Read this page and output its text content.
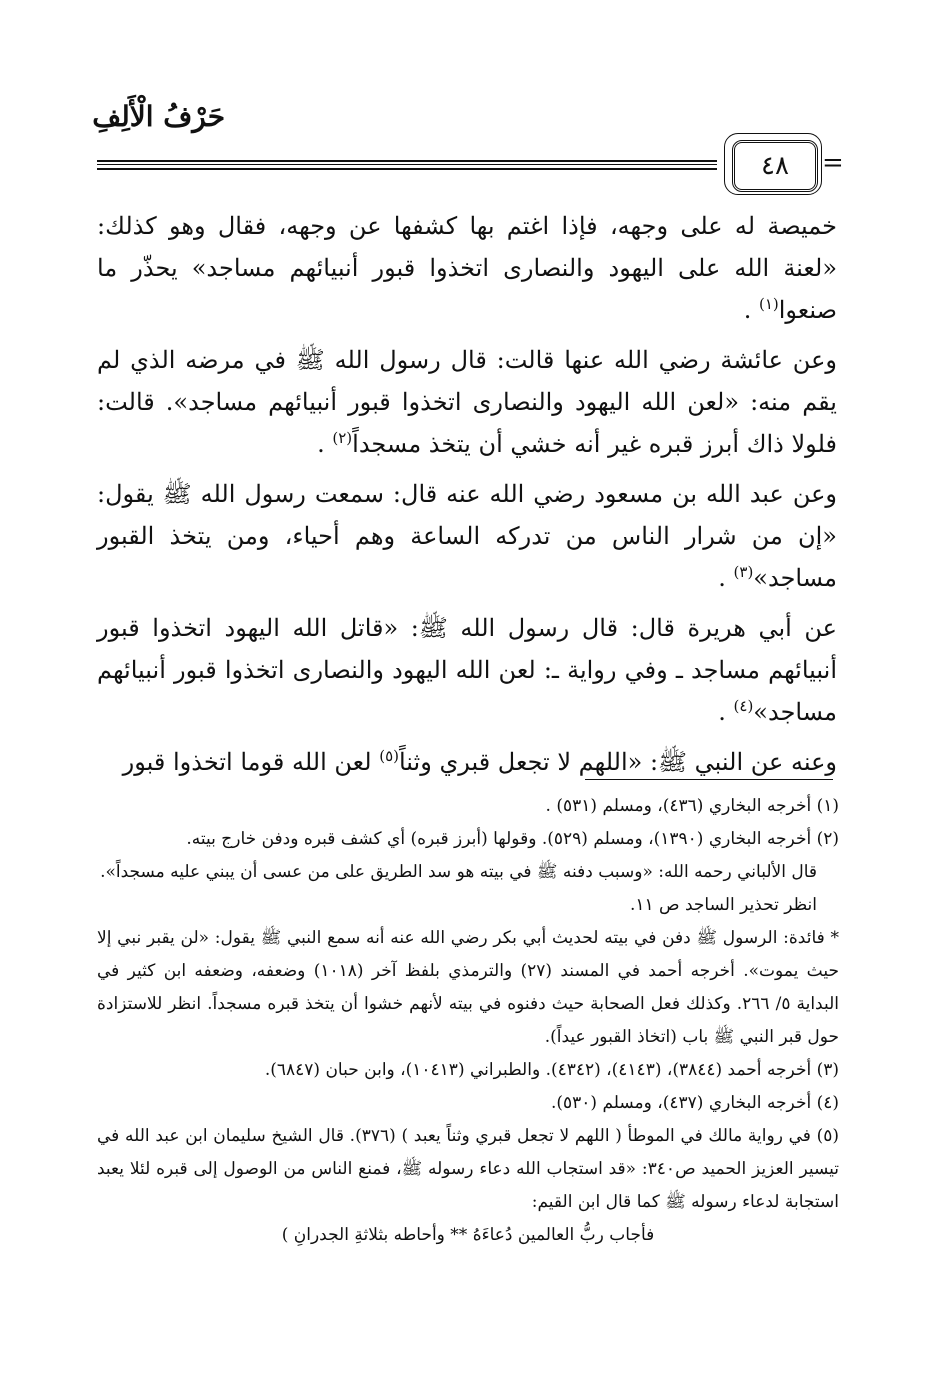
حَرْفُ الْأَلِفِ
٤٨	=

خميصة له على وجهه، فإذا اغتم بها كشفها عن وجهه، فقال وهو كذلك: «لعنة الله على اليهود والنصارى اتخذوا قبور أنبيائهم مساجد» يحذّر ما صنعوا$^{(١)}$ .

وعن عائشة رضي الله عنها قالت: قال رسول الله ﷺ في مرضه الذي لم يقم منه: «لعن الله اليهود والنصارى اتخذوا قبور أنبيائهم مساجد». قالت: فلولا ذاك أبرز قبره غير أنه خشي أن يتخذ مسجداً$^{(٢)}$ .

وعن عبد الله بن مسعود رضي الله عنه قال: سمعت رسول الله ﷺ يقول: «إن من شرار الناس من تدركه الساعة وهم أحياء، ومن يتخذ القبور مساجد»$^{(٣)}$ .

عن أبي هريرة قال: قال رسول الله ﷺ: «قاتل الله اليهود اتخذوا قبور أنبيائهم مساجد ـ وفي رواية ـ: لعن الله اليهود والنصارى اتخذوا قبور أنبيائهم مساجد»$^{(٤)}$ .

وعنه عن النبي ﷺ: «اللهم لا تجعل قبري وثناً$^{(٥)}$ لعن الله قوما اتخذوا قبور

(١) أخرجه البخاري (٤٣٦)، ومسلم (٥٣١) .

(٢) أخرجه البخاري (١٣٩٠)، ومسلم (٥٢٩). وقولها (أبرز قبره) أي كشف قبره ودفن خارج بيته.

قال الألباني رحمه الله: «وسبب دفنه ﷺ في بيته هو سد الطريق على من عسى أن يبني عليه مسجداً».

انظر تحذير الساجد ص ١١.

* فائدة: الرسول ﷺ دفن في بيته لحديث أبي بكر رضي الله عنه أنه سمع النبي ﷺ يقول: «لن يقبر نبي إلا حيث يموت». أخرجه أحمد في المسند (٢٧) والترمذي بلفظ آخر (١٠١٨) وضعفه، وضعفه ابن كثير في البداية ٥/ ٢٦٦. وكذلك فعل الصحابة حيث دفنوه في بيته لأنهم خشوا أن يتخذ قبره مسجداً. انظر للاستزادة حول قبر النبي ﷺ باب (اتخاذ القبور عيداً).

(٣) أخرجه أحمد (٣٨٤٤)، (٤١٤٣)، (٤٣٤٢). والطبراني (١٠٤١٣)، وابن حبان (٦٨٤٧).

(٤) أخرجه البخاري (٤٣٧)، ومسلم (٥٣٠).

(٥) في رواية مالك في الموطأ ( اللهم لا تجعل قبري وثناً يعبد ) (٣٧٦). قال الشيخ سليمان ابن عبد الله في تيسير العزيز الحميد ص٣٤٠: «قد استجاب الله دعاء رسوله ﷺ، فمنع الناس من الوصول إلى قبره لئلا يعبد استجابة لدعاء رسوله ﷺ كما قال ابن القيم:

فأجاب ربُّ العالمين دُعاءَهُ ** وأحاطه بثلاثةِ الجدرانِ )
